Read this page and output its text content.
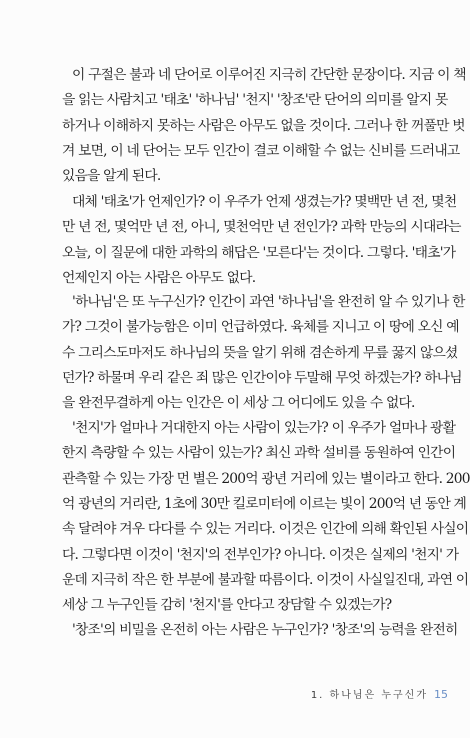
이 구절은 불과 네 단어로 이루어진 지극히 간단한 문장이다. 지금 이 책
을 읽는 사람치고 '태초' '하나님' '천지' '창조'란 단어의 의미를 알지 못
하거나 이해하지 못하는 사람은 아무도 없을 것이다. 그러나 한 꺼풀만 벗
겨 보면, 이 네 단어는 모두 인간이 결코 이해할 수 없는 신비를 드러내고
있음을 알게 된다.
대체 '태초'가 언제인가? 이 우주가 언제 생겼는가? 몇백만 년 전, 몇천
만 년 전, 몇억만 년 전, 아니, 몇천억만 년 전인가? 과학 만능의 시대라는
오늘, 이 질문에 대한 과학의 해답은 '모른다'는 것이다. 그렇다. '태초'가
언제인지 아는 사람은 아무도 없다.
'하나님'은 또 누구신가? 인간이 과연 '하나님'을 완전히 알 수 있기나 한
가? 그것이 불가능함은 이미 언급하였다. 육체를 지니고 이 땅에 오신 예
수 그리스도마저도 하나님의 뜻을 알기 위해 겸손하게 무릎 꿇지 않으셨
던가? 하물며 우리 같은 죄 많은 인간이야 두말해 무엇 하겠는가? 하나님
을 완전무결하게 아는 인간은 이 세상 그 어디에도 있을 수 없다.
'천지'가 얼마나 거대한지 아는 사람이 있는가? 이 우주가 얼마나 광활
한지 측량할 수 있는 사람이 있는가? 최신 과학 설비를 동원하여 인간이
관측할 수 있는 가장 먼 별은 200억 광년 거리에 있는 별이라고 한다. 200
억 광년의 거리란, 1초에 30만 킬로미터에 이르는 빛이 200억 년 동안 계
속 달려야 겨우 다다를 수 있는 거리다. 이것은 인간에 의해 확인된 사실이
다. 그렇다면 이것이 '천지'의 전부인가? 아니다. 이것은 실제의 '천지' 가
운데 지극히 작은 한 부분에 불과할 따름이다. 이것이 사실일진대, 과연 이
세상 그 누구인들 감히 '천지'를 안다고 장담할 수 있겠는가?
'창조'의 비밀을 온전히 아는 사람은 누구인가? '창조'의 능력을 완전히
1. 하나님은 누구신가 15
